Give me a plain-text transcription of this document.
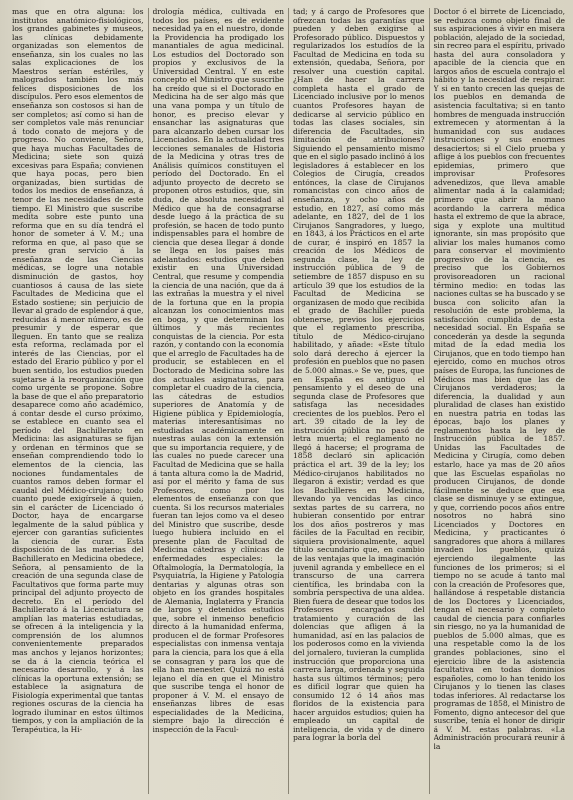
mas que en otra alguna: los institutos anatómico-fisiológicos, los grandes gabinetes y museos, las clínicas debidamente organizadas son elementos de enseñanza, sin los cuales no las salas explicaciones de los Maestros serían estériles, y malogrados también los más felices disposiciones de los discípulos. Pero esos elementos de enseñanza son costosos si han de ser completos; así como si han de ser completos vale más renunciar á todo conato de mejora y de progreso. No conviene, Señora, que haya muchas Facultades de Medicina; siete son quizá excesivas para España; convienen que haya pocas, pero bien organizadas, bien surtidas de todos los medios de enseñanza, á tenor de las necesidades de este tiempo. El Ministro que suscribe medita sobre este punto una reforma que en su día tendrá el honor de someter á V. M.; una reforma en que, al paso que se preste gran servicio á la enseñanza de las Ciencias médicas, se logre una notable disminución de gastos, hoy cuantiosos á causa de las siete Facultades de Medicina que el Estado sostiene; sin perjuicio de llevar al grado de esplendor á que, reducidas á menor número, es de presumir y de esperar que lleguen. En tanto que se realiza esta reforma, reclamada por el interés de las Ciencias, por el estado del Erario público y por el buen sentido, los estudios pueden sujetarse á la reorganización que como urgente se propone. Sobre la base de que el año preparatorio desaparece como año académico, á contar desde el curso próximo, se establece en cuanto sea el período del Bachillerato en Medicina: las asignaturas se fijan y ordenan en términos que se enseñan comprendiendo todo lo elementos de la ciencia, las nociones fundamentales de cuantos ramos deben formar el caudal del Médico-cirujano; todo cuanto puede exigírsele á quien, sin el carácter de Licenciado ó Doctor, haya de encargarse legalmente de la salud pública y ejercer con garantías suficientes la ciencia de curar. Esta disposición de las materias del Bachillerato en Medicina obedece, Señora, al pensamiento de la creación de una segunda clase de Facultativos que forma parte muy principal del adjunto proyecto de decreto. En el período del Bachillerato á la Licenciatura se amplían las materias estudiadas, se ofrecen á la inteligencia y la comprensión de los alumnos convenientemente preparados mas anchos y lejanos horizontes; se da á la ciencia teórica el necesario desarrollo, y á las clínicas la oportuna extensión; se establece la asignatura de Fisiología experimental que tantas regiones oscuras de la ciencia ha logrado iluminar en estos últimos tiempos, y con la ampliación de la Terapéutica, la Hi-

drología médica, cultivada en todos los países, es de evidente necesidad ya en el nuestro, donde la Providencia ha prodigado los manantiales de agua medicinal. Los estudios del Doctorado son propios y exclusivos de la Universidad Central. Y en este concepto el Ministro que suscribe ha creído que si el Doctorado en Medicina ha de ser algo más que una vana pompa y un título de honor, es preciso elevar y ensanchar las asignaturas que para alcanzarlo deben cursar los Licenciados. En la actualidad tres lecciones semanales de Historia de la Medicina y otras tres de Análisis químicos constituyen el período del Doctorado. En el adjunto proyecto de decreto se proponen otros estudios, que, sin duda, de absoluta necesidad al Médico que ha de consagrarse desde luego á la práctica de su profesión, se hacen de todo punto indispensables para el hombre de ciencia que desea llegar á donde se llega en los países más adelantados: estudios que deben existir en una Universidad Central, que resume y compendia la ciencia de una nación, que da á las extrañas la muestra y el nivel de la fortuna que en la propia alcanzan los conocimientos mas en boga, y que determinan los últimos y más recientes conquistas de la ciencia. Por esta razón, y contando con la economía que el arreglo de Facultades ha de producir, se establecen en el Doctorado de Medicina sobre las dos actuales asignaturas, para completar el cuadro de la ciencia, las cátedras de estudios superiores de Anatomía y de Higiene pública y Epidemiología, materias interesantísimas no estudiadas académicamente en nuestras aulas con la extensión que su importancia requiere, y de las cuales no puede carecer una Facultad de Medicina que se halla á tanta altura como la de Madrid, así por el mérito y fama de sus Profesores, como por los elementos de enseñanza con que cuenta. Si los recursos materiales fueran tan lejos como va el deseo del Ministro que suscribe, desde luego hubiera incluido en el presente plan de Facultad de Medicina cátedras y clínicas de enfermedades especiales: la Oftalmología, la Dermatología, la Psyquiatría, la Higiene y Patología dentarias y algunas otras son objeto en los grandes hospitales de Alemania, Inglaterra y Francia de largos y detenidos estudios que, sobre el inmenso beneficio directo á la humanidad enferma, producen el de formar Profesores especialistas con inmensa ventaja para la ciencia, para los que á ella se consagran y para los que de ella han menester. Quizá no está lejano el día en que el Ministro que suscribe tenga el honor de proponer á V. M. el ensayo de enseñanzas libres de esas especialidades de la Medicina, siempre bajo la dirección é inspección de la Facul-

tad; y á cargo de Profesores que ofrezcan todas las garantías que pueden y deben exigirse al Profesorado público. Dispuestos y regularizados los estudios de la Facultad de Medicina en toda su extensión, quedaba, Señora, por resolver una cuestión capital. ¿Han de hacer la carrera completa hasta el grado de Licenciado inclusive por lo menos cuantos Profesores hayan de dedicarse al servicio público en todas las clases sociales, sin diferencia de Facultades, sin limitación de atribuciones? Siguiendo el pensamiento mismo que en el siglo pasado inclinó á los legisladores á establecer en los Colegios de Cirugía, creados entónces, la clase de Cirujanos romancistas con cinco años de enseñanza, y ocho años de estudio, en 1827, así como más adelante, en 1827, del de 1 los Cirujanos Sangradores, y luego, en 1843, á los Prácticos en el arte de curar, é inspiró en 1857 la creación de los Médicos de segunda clase, la ley de instrucción pública de 9 de setiembre de 1857 dispuso en su artículo 39 que los estudios de la Facultad de Medicina se organizasen de modo que recibida el grado de Bachiller pueda obtenerse, previos los ejercicios que el reglamento prescriba, título de Médico-cirujano habilitado, y añade: «Este título solo dará derecho á ejercer la profesión en pueblos que no pasen de 5.000 almas.» Se ve, pues, que en España es antiguo el pensamiento y el deseo de una segunda clase de Profesores que satisfaga las necesidades crecientes de los pueblos. Pero el art. 39 citado de la ley de instrucción pública no pasó de letra muerta; el reglamento no llegó á hacerse; el programa de 1858 declaró sin aplicación práctica el art. 39 de la ley; los Médico-cirujanos habilitados no llegaron á existir; verdad es que los Bachilleres en Medicina, llevando ya vencidas las cinco sextas partes de su carrera, no hubieran consentido por entrar los dos años postreros y mas fáciles de la Facultad en recibir, siquiera provisionalmente, aquel título secundario que, en cambio de las ventajas que la imaginación juvenil agranda y embellece en el transcurso de una carrera científica, les brindaba con la sombría perspectiva de una aldea. Bien fuera de desear que todos los Profesores encargados del tratamiento y curación de las dolencias que afligen á la humanidad, así en las palacios de los poderosos como en la vivienda del jornalero, tuvieran la cumplida instrucción que proporciona una carrera larga, ordenada y seguida hasta sus últimos términos; pero es difícil lograr que quien ha consumido 12 ó 14 años mas floridos de la existencia para hacer arguidos estudios; quien ha empleado un capital de inteligencia, de vida y de dinero para lograr la borla del

Doctor ó el birrete de Licenciado, se reduzca como objeto final de sus aspiraciones á vivir en misera población, alejado de la sociedad, sin recreo para el espíritu, privado hasta del aura consoladora y apacible de la ciencia que en largos años de escuela contrajo el hábito y la necesidad de respirar. Y si en tanto crecen las quejas de los pueblos en demanda de asistencia facultativa; si en tanto hombres de menguada instrucción extremecen y atormentan á la humanidad con sus audaces instrucciones y sus enormes desaciertos; si el Cielo prueba y aflige á los pueblos con frecuentes epidemias, primero que improvisar Profesores advenedizos, que lleva amable alimentar nada á la calamidad; primero que abrir la mano acordando la carrera médica hasta el extremo de que la abrace, siga y explote una multitud ignorante, sin mas propósito que aliviar los males humanos como para conservar el movimiento progresivo de la ciencia, es preciso que los Gobiernos provisoreadoren un racional término medio: en todas las naciones cultas se ha buscado y se busca con solicito afan la resolución de este problema, la satisfacción cumplida de esta necesidad social. En España se concederán ya desde la segunda mitad de la edad media los Cirujanos, que en todo tiempo han ejercido, como en muchos otros países de Europa, las funciones de Médicos mas bien que las de Cirujanos verdaderos; la diferencia, la dualidad y aun pluralidad de clases han existido en nuestra patria en todas las épocas, bajo los planes y reglamentos hasta la ley de Instrucción pública de 1857. Unidas las Facultades de Medicina y Cirugía, como deben estarlo, hace ya mas de 20 años que las Escuelas españolas no producen Cirujanos, de donde fácilmente se deduce que esa clase se disminuye y se extingue, y que, corriendo pocos años entre nosotros no habrá sino Licenciados y Doctores en Medicina, y practicantes ó sangradores que ahora á millares invaden los pueblos, quizá ejerciendo ilegalmente las funciones de los primeros; si el tiempo no se acude á tanto mal con la creación de Profesores que, hallándose á respetable distancia de los Doctores y Licenciados, tengan el necesario y completo caudal de ciencia para confiarles sin riesgo, no ya la humanidad de pueblos de 5.000 almas, que es una respetable como la de los grandes poblaciones, sino el ejercicio libre de la asistencia facultativa en todas dominios españoles, como lo han tenido los Cirujanos y lo tienen las clases todas inferiores. Al redactarse los programas de 1858, el Ministro de Fomento, digno antecesor del que suscribe, tenía el honor de dirigir á V. M. estas palabras. «La Administración procurará reunir á la
